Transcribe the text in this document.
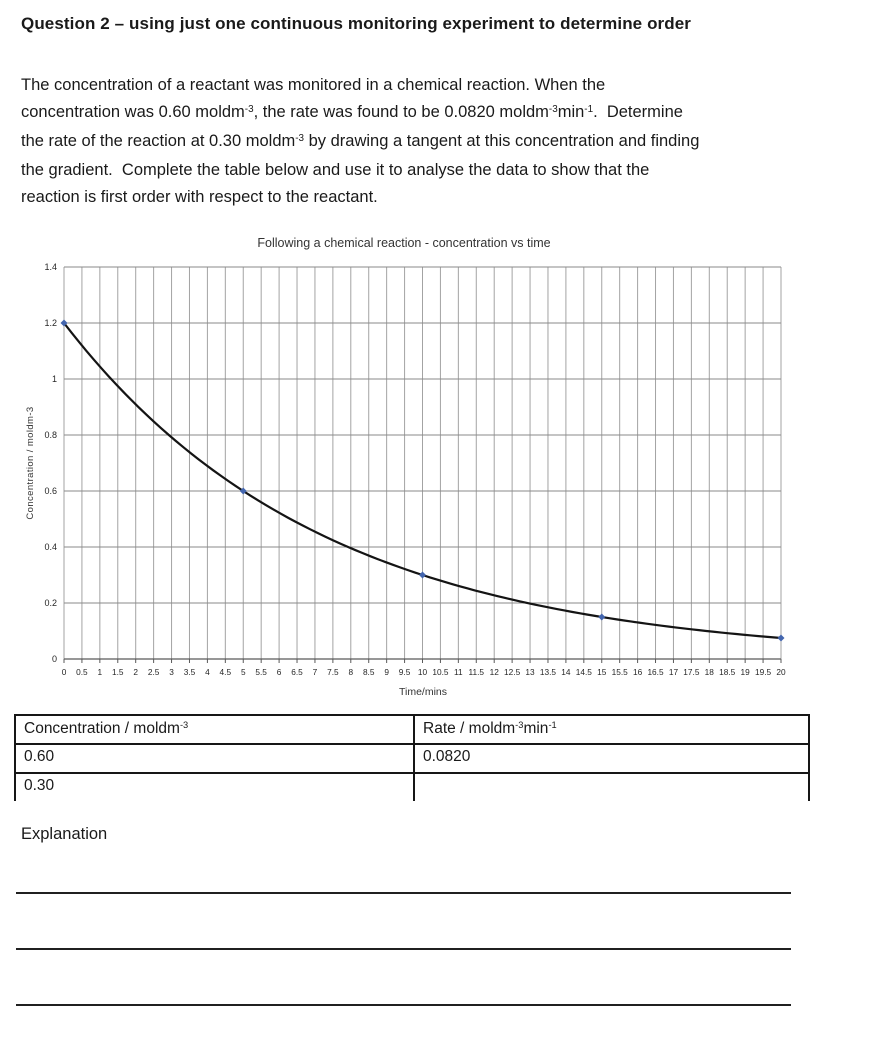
Question 2 – using just one continuous monitoring experiment to determine order
The concentration of a reactant was monitored in a chemical reaction. When the
concentration was 0.60 moldm$^{-3}$, the rate was found to be 0.0820 $moldm^{-3}\min^{-1}$.  Determine
the rate of the reaction at 0.30 moldm$^{-3}$ by drawing a tangent at this concentration and finding
the gradient.  Complete the table below and use it to analyse the data to show that the
reaction is first order with respect to the reactant.
0 0.5 1 1.5 2 2.5 3 3.5 4 4.5 5 5.5 6 6.5 7 7.5 8 8.5 9 9.5 10 10.5 11 11.5 12 12.5 13 13.5 14 14.5 15 15.5 16 16.5 17 17.5 18 18.5 19 19.5 20
0
0.2
0.4
0.6
0.8
1
1.2
1.4
Following a chemical reaction - concentration vs time
Time/mins
Concentration / moldm-3
Concentration / moldm$^{-3}$	Rate / $moldm^{-3}\min^{-1}$
0.60	0.0820
0.30
Explanation
